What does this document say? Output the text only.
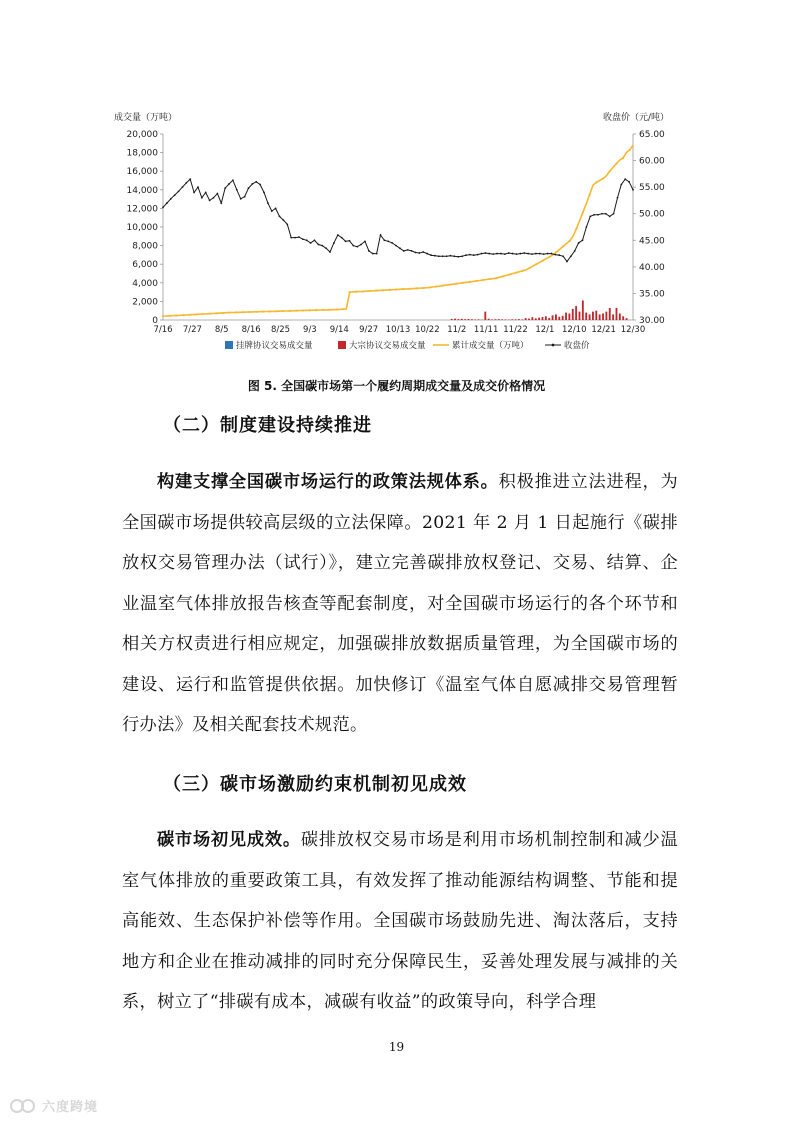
20,000
18,000
16,000
14,000
12,000
10,000
8,000
6,000
4,000
2,000
0
65.00
60.00
55.00
50.00
45.00
40.00
35.00
30.00
成交量（万吨）	收盘价（元/吨）
7/16 7/27 8/5 8/16 8/25 9/3 9/14 9/27 10/13 10/22 11/2 11/11 11/22 12/1 12/10 12/21 12/30
挂牌协议交易成交量	大宗协议交易成交量	累计成交量（万吨）	收盘价
图 5. 全国碳市场第一个履约周期成交量及成交价格情况
（二）制度建设持续推进

构建支撑全国碳市场运行的政策法规体系。积极推进立法进程，为全国碳市场提供较高层级的立法保障。2021 年 2 月 1 日起施行《碳排放权交易管理办法（试行）》，建立完善碳排放权登记、交易、结算、企业温室气体排放报告核查等配套制度，对全国碳市场运行的各个环节和相关方权责进行相应规定，加强碳排放数据质量管理，为全国碳市场的建设、运行和监管提供依据。加快修订《温室气体自愿减排交易管理暂行办法》及相关配套技术规范。

（三）碳市场激励约束机制初见成效

碳市场初见成效。碳排放权交易市场是利用市场机制控制和减少温室气体排放的重要政策工具，有效发挥了推动能源结构调整、节能和提高能效、生态保护补偿等作用。全国碳市场鼓励先进、淘汰落后，支持地方和企业在推动减排的同时充分保障民生，妥善处理发展与减排的关系，树立了“排碳有成本，减碳有收益”的政策导向，科学合理

19
六度跨境
